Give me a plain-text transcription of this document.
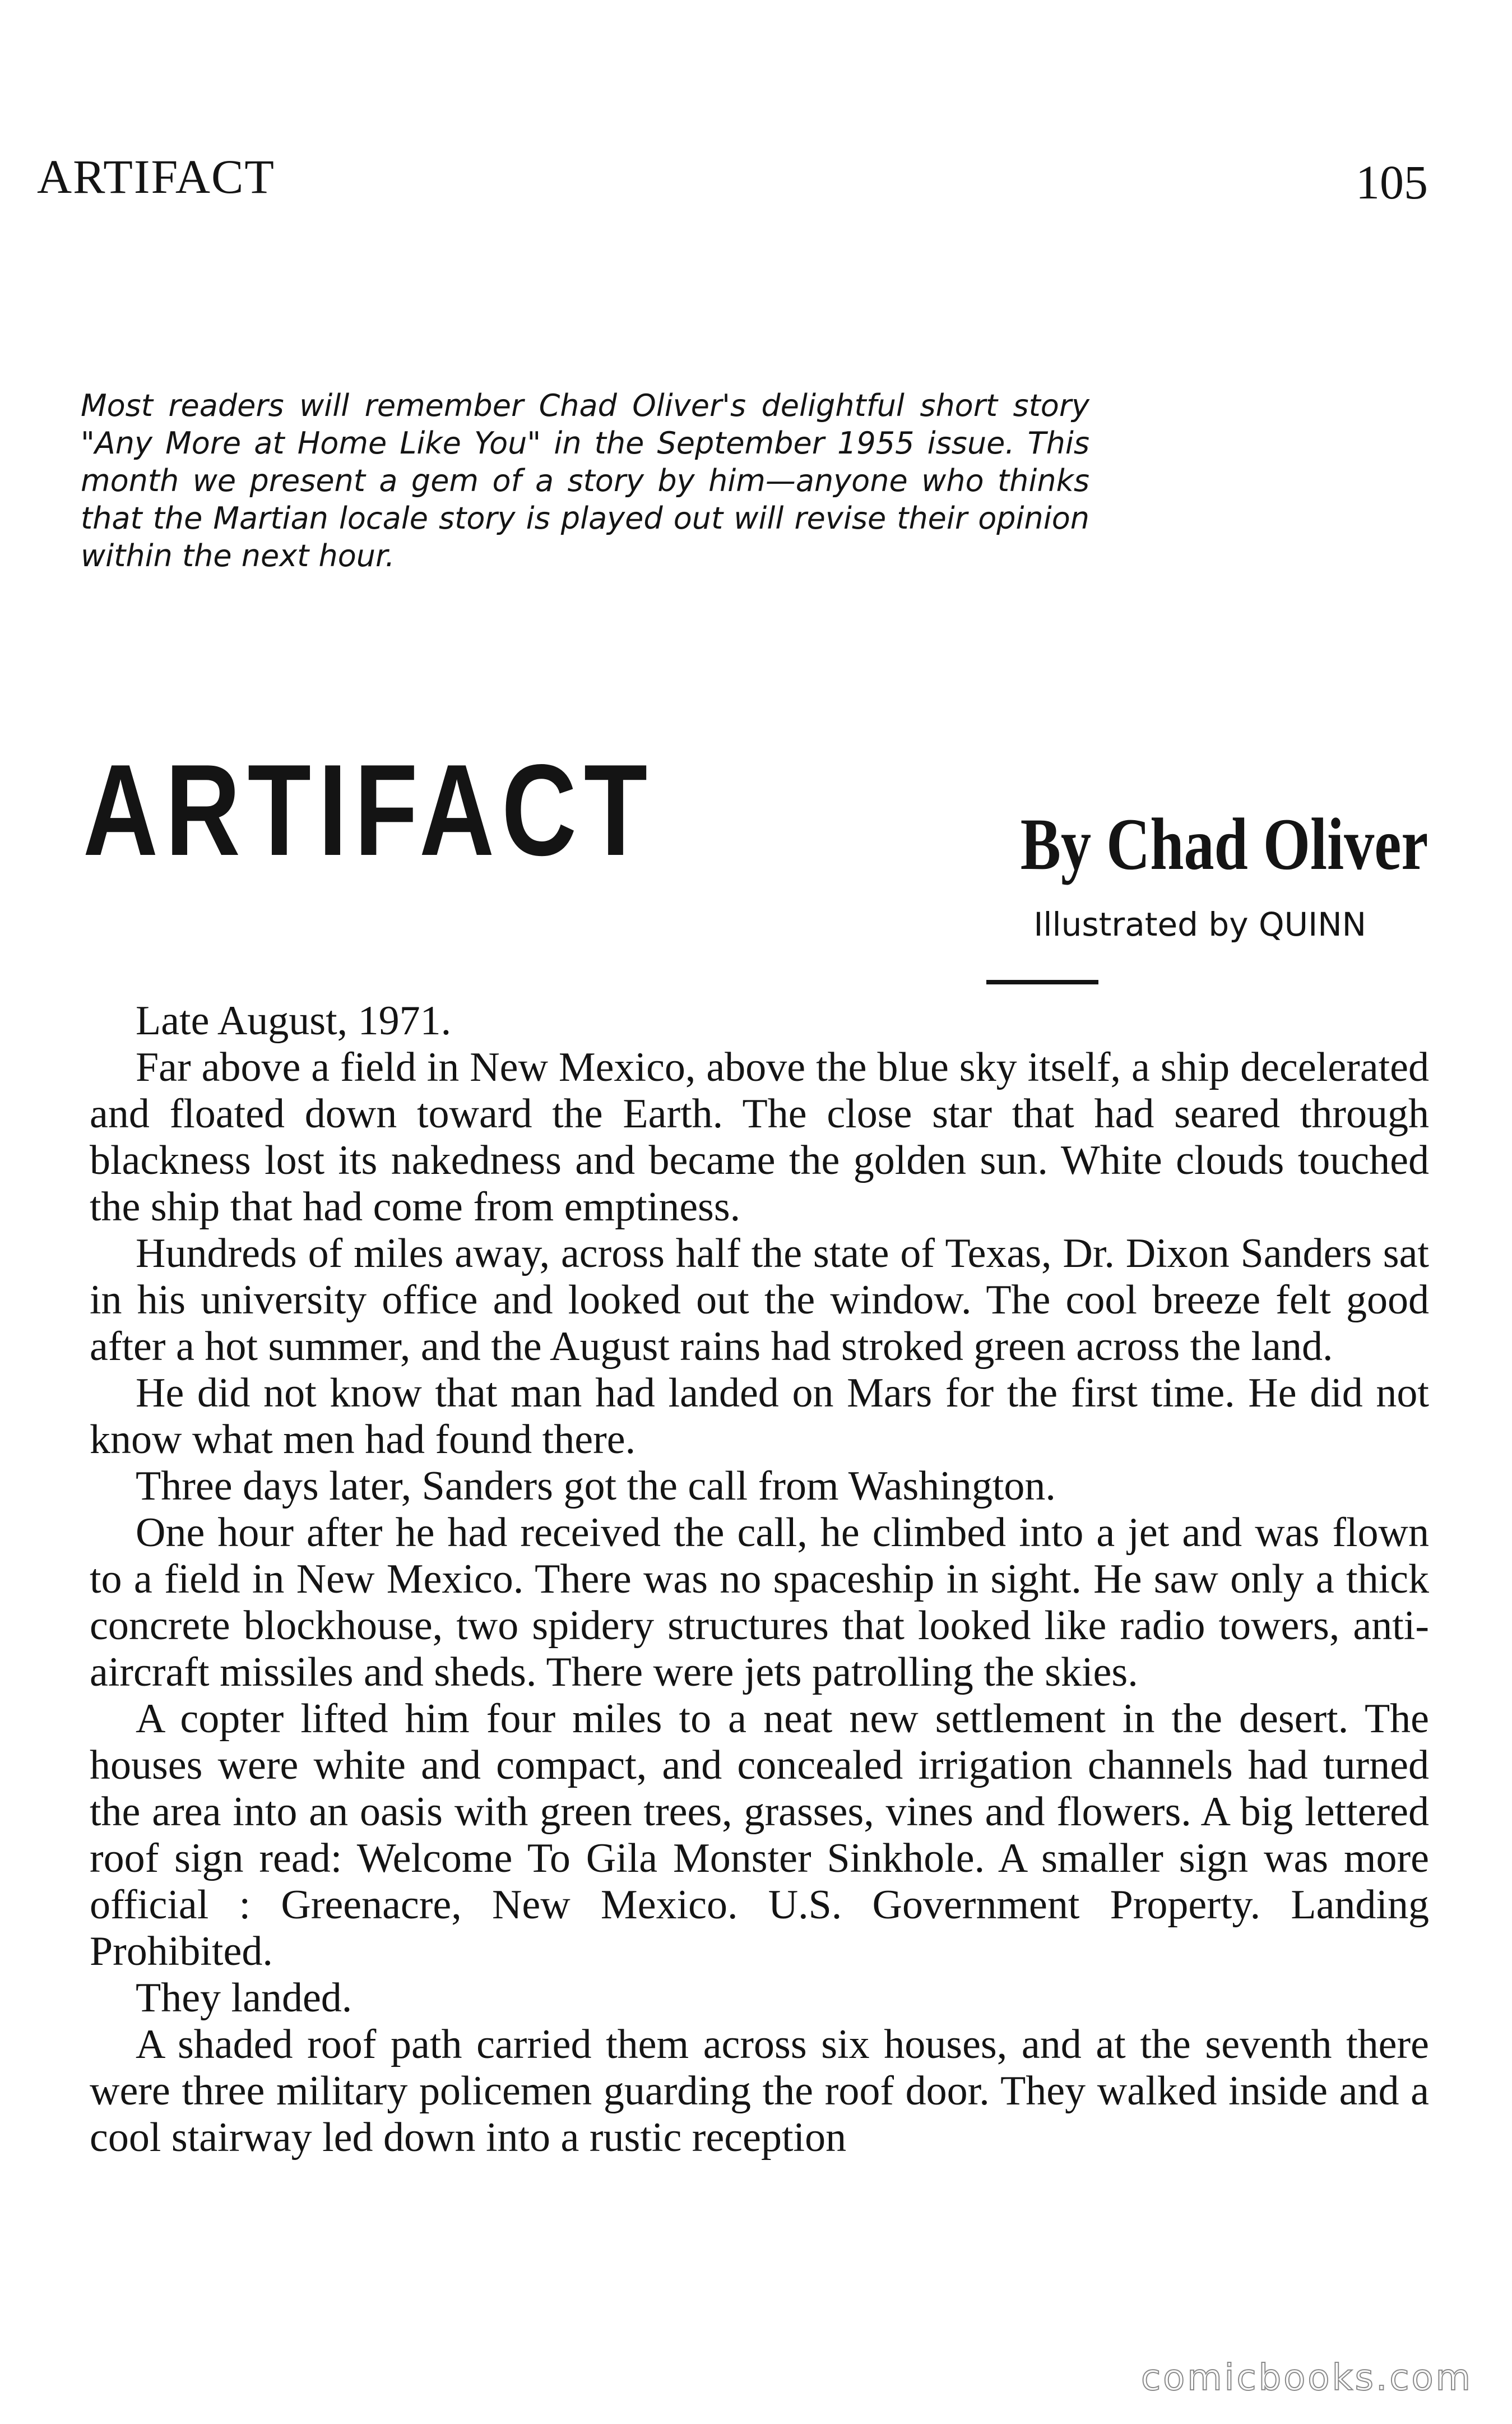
ARTIFACT	105
Most readers will remember Chad Oliver's delightful short story "Any More at Home Like You" in the September 1955 issue. This month we present a gem of a story by him—anyone who thinks that the Martian locale story is played out will revise their opinion within the next hour.
ARTIFACT	By Chad Oliver
Illustrated by QUINN

Late August, 1971.

Far above a field in New Mexico, above the blue sky itself, a ship decelerated and floated down toward the Earth. The close star that had seared through blackness lost its nakedness and became the golden sun. White clouds touched the ship that had come from emptiness.

Hundreds of miles away, across half the state of Texas, Dr. Dixon Sanders sat in his university office and looked out the window. The cool breeze felt good after a hot summer, and the August rains had stroked green across the land.

He did not know that man had landed on Mars for the first time. He did not know what men had found there.

Three days later, Sanders got the call from Washington.

One hour after he had received the call, he climbed into a jet and was flown to a field in New Mexico. There was no spaceship in sight. He saw only a thick concrete blockhouse, two spidery structures that looked like radio towers, anti-aircraft missiles and sheds. There were jets patrolling the skies.

A copter lifted him four miles to a neat new settlement in the desert. The houses were white and compact, and concealed irrigation channels had turned the area into an oasis with green trees, grasses, vines and flowers. A big lettered roof sign read: Welcome To Gila Monster Sinkhole. A smaller sign was more official : Greenacre, New Mexico. U.S. Government Property. Landing Prohibited.

They landed.

A shaded roof path carried them across six houses, and at the seventh there were three military policemen guarding the roof door. They walked inside and a cool stairway led down into a rustic reception

comicbooks.com
